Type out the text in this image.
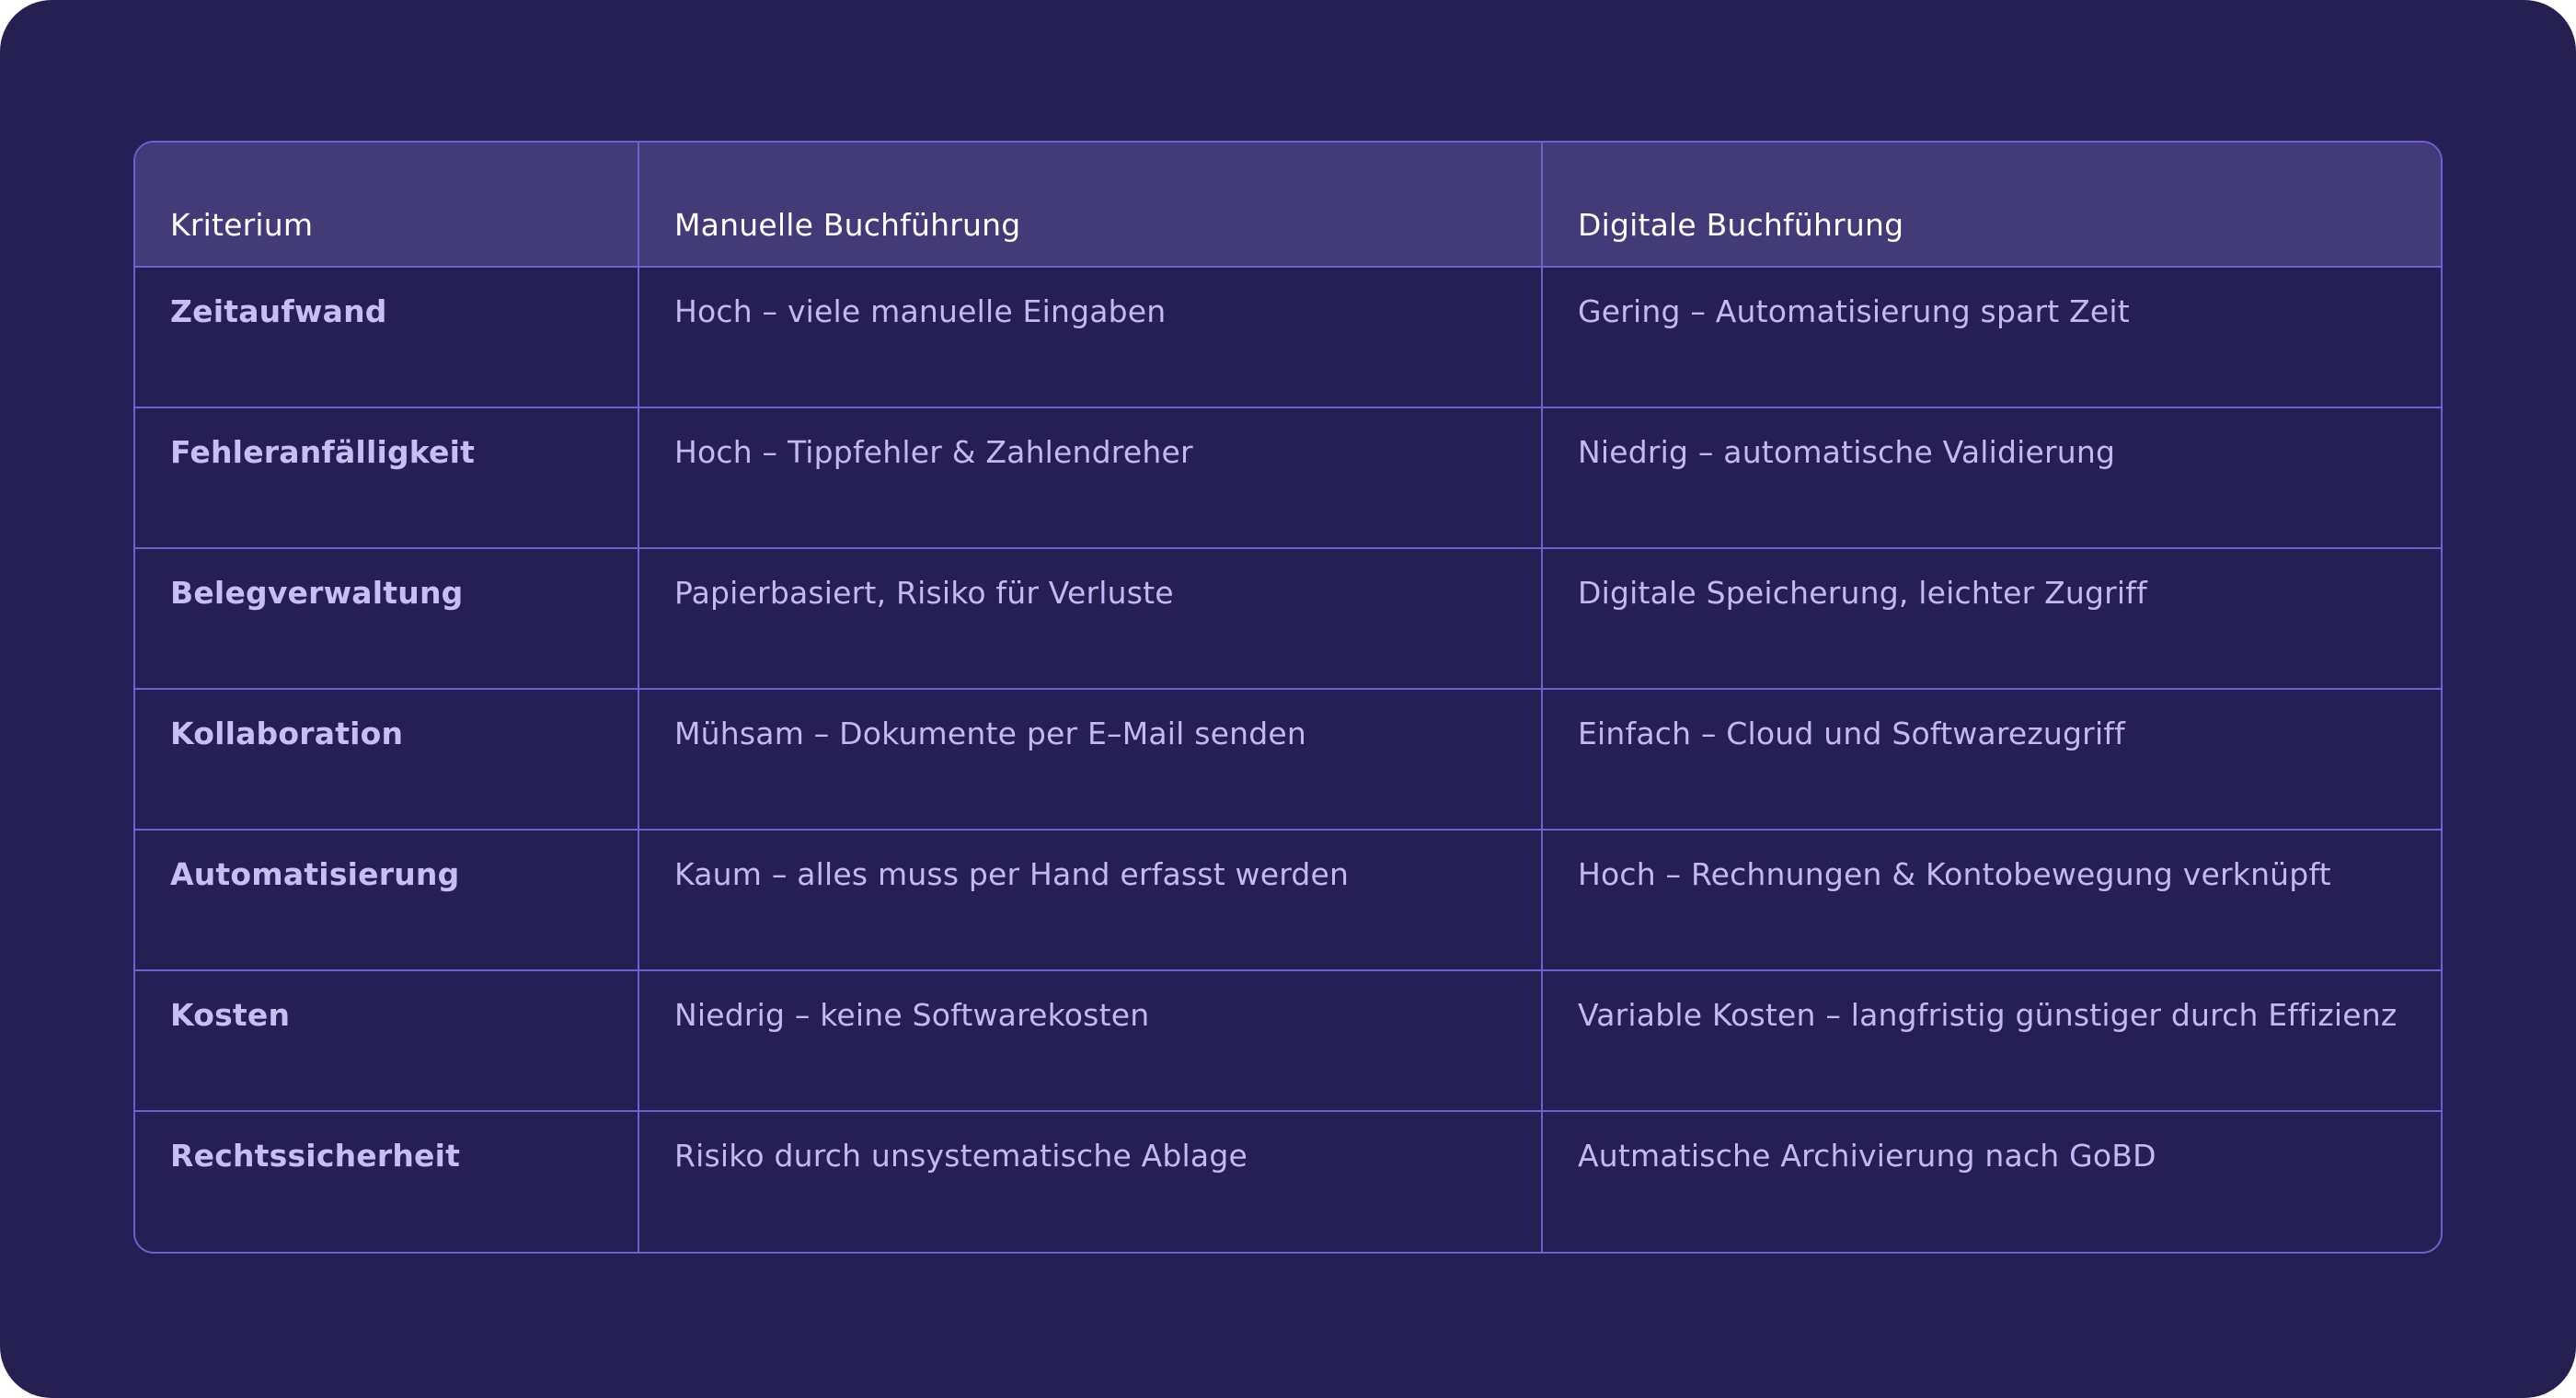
Kriterium	Manuelle Buchführung	Digitale Buchführung
Zeitaufwand	Hoch – viele manuelle Eingaben	Gering – Automatisierung spart Zeit
Fehleranfälligkeit	Hoch – Tippfehler & Zahlendreher	Niedrig – automatische Validierung
Belegverwaltung	Papierbasiert, Risiko für Verluste	Digitale Speicherung, leichter Zugriff
Kollaboration	Mühsam – Dokumente per E–Mail senden	Einfach – Cloud und Softwarezugriff
Automatisierung	Kaum – alles muss per Hand erfasst werden	Hoch – Rechnungen & Kontobewegung verknüpft
Kosten	Niedrig – keine Softwarekosten	Variable Kosten – langfristig günstiger durch Effizienz
Rechtssicherheit	Risiko durch unsystematische Ablage	Autmatische Archivierung nach GoBD
